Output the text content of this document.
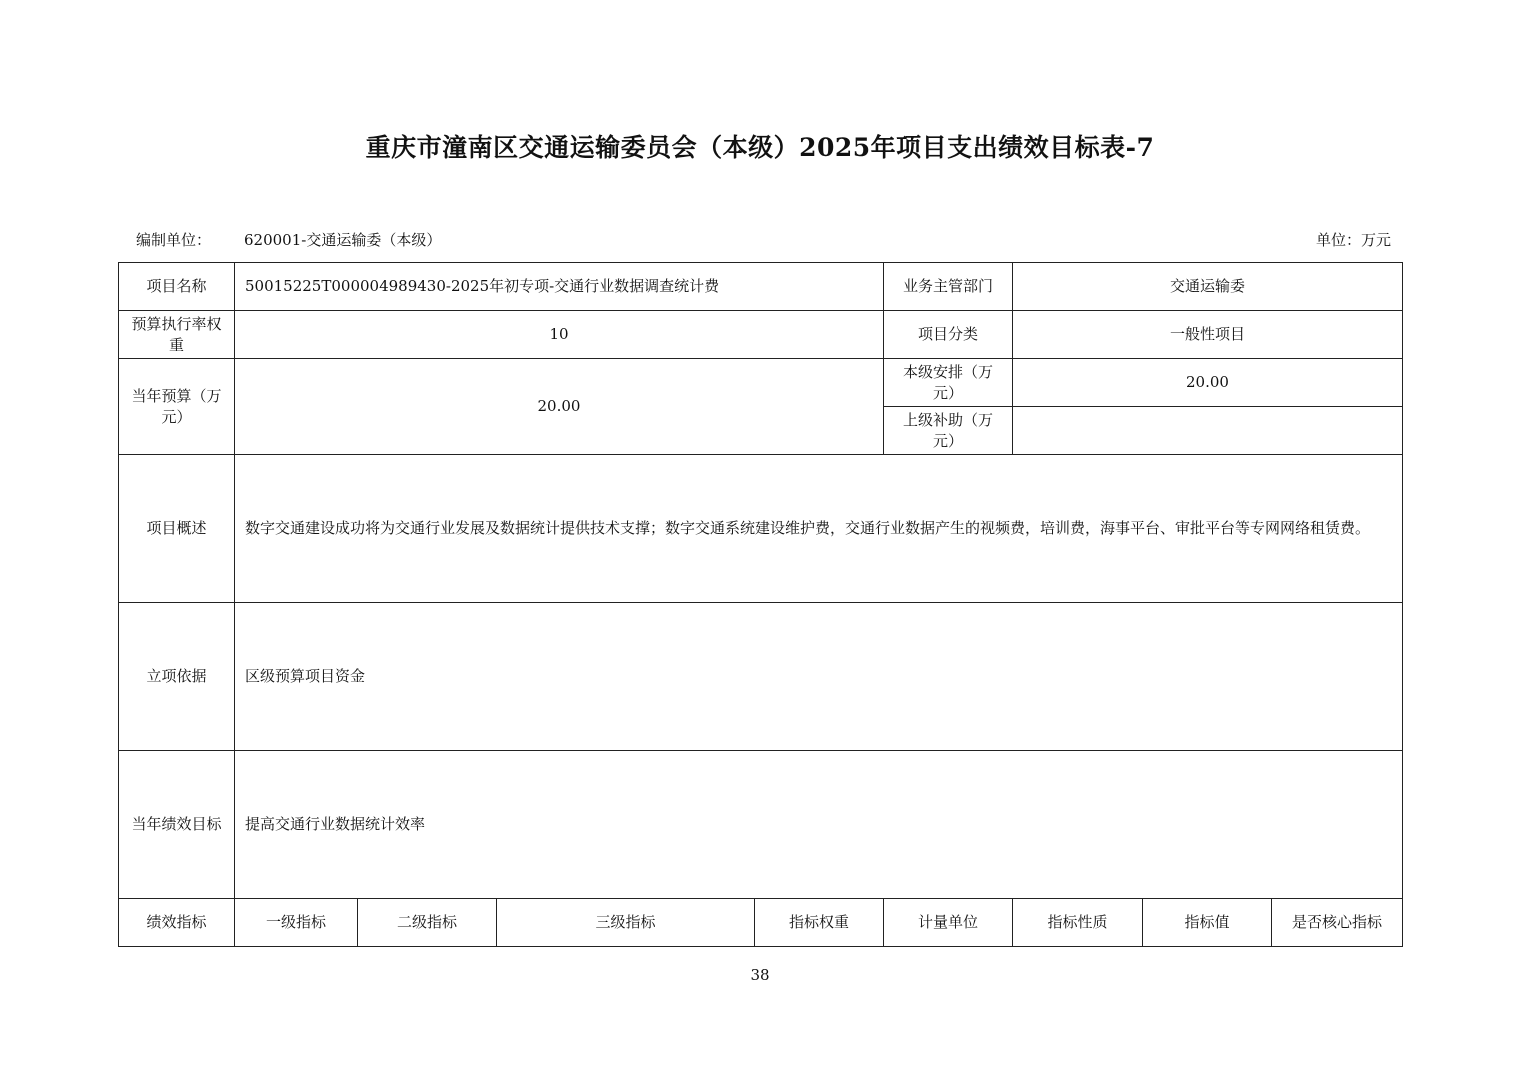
重庆市潼南区交通运输委员会（本级）2025年项目支出绩效目标表-7
编制单位： 620001-交通运输委（本级）	单位：万元
项目名称	50015225T000004989430-2025年初专项-交通行业数据调查统计费				业务主管部门	交通运输委		
预算执行率权重	10				项目分类	一般性项目		
当年预算（万元）	20.00				本级安排（万元）	20.00		
					上级补助（万元）			
项目概述	数字交通建设成功将为交通行业发展及数据统计提供技术支撑；数字交通系统建设维护费，交通行业数据产生的视频费，培训费，海事平台、审批平台等专网网络租赁费。							
立项依据	区级预算项目资金							
当年绩效目标	提高交通行业数据统计效率							
绩效指标	一级指标	二级指标	三级指标	指标权重	计量单位	指标性质	指标值	是否核心指标
38
